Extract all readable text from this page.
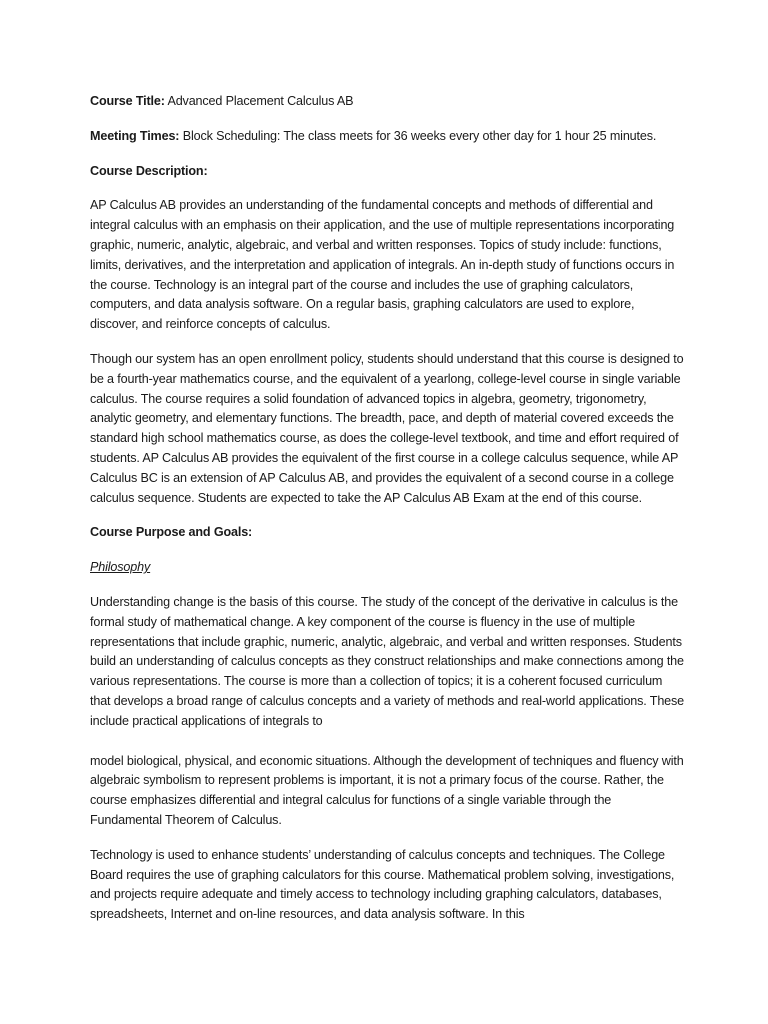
Course Title: Advanced Placement Calculus AB

Meeting Times: Block Scheduling: The class meets for 36 weeks every other day for 1 hour 25 minutes.

Course Description:

AP Calculus AB provides an understanding of the fundamental concepts and methods of differential and integral calculus with an emphasis on their application, and the use of multiple representations incorporating graphic, numeric, analytic, algebraic, and verbal and written responses. Topics of study include: functions, limits, derivatives, and the interpretation and application of integrals. An in-depth study of functions occurs in the course. Technology is an integral part of the course and includes the use of graphing calculators, computers, and data analysis software. On a regular basis, graphing calculators are used to explore, discover, and reinforce concepts of calculus.

Though our system has an open enrollment policy, students should understand that this course is designed to be a fourth-year mathematics course, and the equivalent of a yearlong, college-level course in single variable calculus. The course requires a solid foundation of advanced topics in algebra, geometry, trigonometry, analytic geometry, and elementary functions. The breadth, pace, and depth of material covered exceeds the standard high school mathematics course, as does the college-level textbook, and time and effort required of students. AP Calculus AB provides the equivalent of the first course in a college calculus sequence, while AP Calculus BC is an extension of AP Calculus AB, and provides the equivalent of a second course in a college calculus sequence. Students are expected to take the AP Calculus AB Exam at the end of this course.

Course Purpose and Goals:

Philosophy

Understanding change is the basis of this course. The study of the concept of the derivative in calculus is the formal study of mathematical change. A key component of the course is fluency in the use of multiple representations that include graphic, numeric, analytic, algebraic, and verbal and written responses. Students build an understanding of calculus concepts as they construct relationships and make connections among the various representations. The course is more than a collection of topics; it is a coherent focused curriculum that develops a broad range of calculus concepts and a variety of methods and real-world applications. These include practical applications of integrals to

model biological, physical, and economic situations. Although the development of techniques and fluency with algebraic symbolism to represent problems is important, it is not a primary focus of the course. Rather, the course emphasizes differential and integral calculus for functions of a single variable through the Fundamental Theorem of Calculus.

Technology is used to enhance students’ understanding of calculus concepts and techniques. The College Board requires the use of graphing calculators for this course. Mathematical problem solving, investigations, and projects require adequate and timely access to technology including graphing calculators, databases, spreadsheets, Internet and on-line resources, and data analysis software. In this
